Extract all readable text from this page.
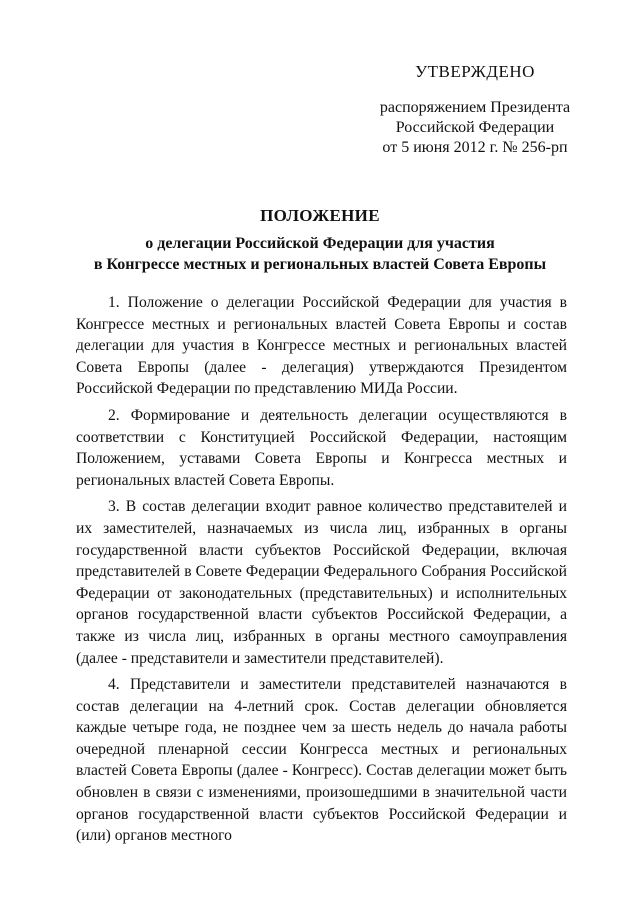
УТВЕРЖДЕНО
распоряжением Президента
Российской Федерации
от 5 июня 2012 г. № 256-рп
ПОЛОЖЕНИЕ
о делегации Российской Федерации для участия
в Конгрессе местных и региональных властей Совета Европы

1. Положение о делегации Российской Федерации для участия в Конгрессе местных и региональных властей Совета Европы и состав делегации для участия в Конгрессе местных и региональных властей Совета Европы (далее - делегация) утверждаются Президентом Российской Федерации по представлению МИДа России.

2. Формирование и деятельность делегации осуществляются в соответствии с Конституцией Российской Федерации, настоящим Положением, уставами Совета Европы и Конгресса местных и региональных властей Совета Европы.

3. В состав делегации входит равное количество представителей и их заместителей, назначаемых из числа лиц, избранных в органы государственной власти субъектов Российской Федерации, включая представителей в Совете Федерации Федерального Собрания Российской Федерации от законодательных (представительных) и исполнительных органов государственной власти субъектов Российской Федерации, а также из числа лиц, избранных в органы местного самоуправления (далее - представители и заместители представителей).

4. Представители и заместители представителей назначаются в состав делегации на 4-летний срок. Состав делегации обновляется каждые четыре года, не позднее чем за шесть недель до начала работы очередной пленарной сессии Конгресса местных и региональных властей Совета Европы (далее - Конгресс). Состав делегации может быть обновлен в связи с изменениями, произошедшими в значительной части органов государственной власти субъектов Российской Федерации и (или) органов местного
